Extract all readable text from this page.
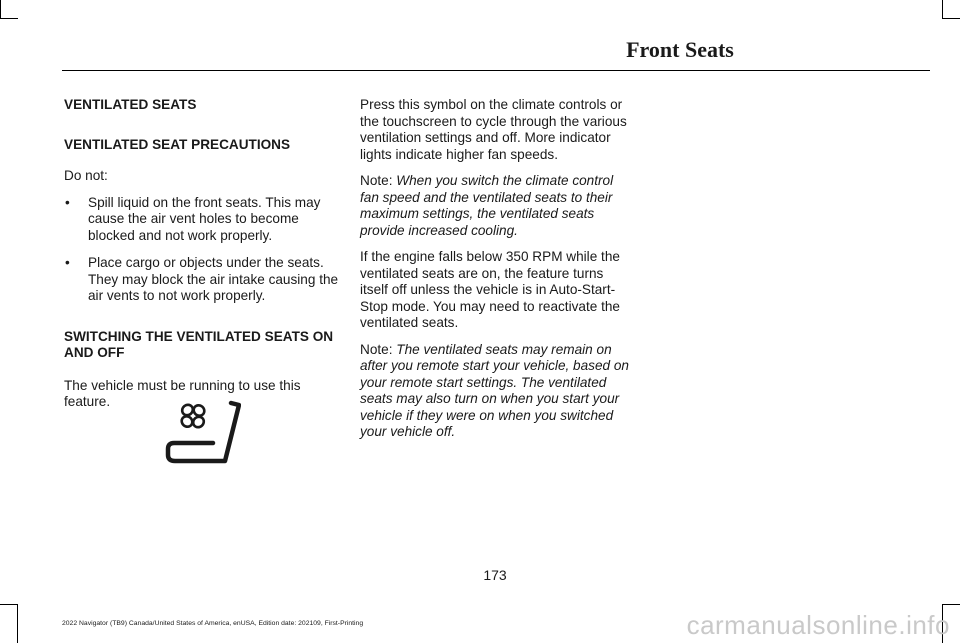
Front Seats
VENTILATED SEATS
VENTILATED SEAT PRECAUTIONS

Do not:

• Spill liquid on the front seats. This may cause the air vent holes to become blocked and not work properly.
• Place cargo or objects under the seats. They may block the air intake causing the air vents to not work properly.
SWITCHING THE VENTILATED SEATS ON AND OFF

The vehicle must be running to use this feature.

Press this symbol on the climate controls or the touchscreen to cycle through the various ventilation settings and off. More indicator lights indicate higher fan speeds.

Note: When you switch the climate control fan speed and the ventilated seats to their maximum settings, the ventilated seats provide increased cooling.

If the engine falls below 350 RPM while the ventilated seats are on, the feature turns itself off unless the vehicle is in Auto-Start-Stop mode. You may need to reactivate the ventilated seats.

Note: The ventilated seats may remain on after you remote start your vehicle, based on your remote start settings. The ventilated seats may also turn on when you start your vehicle if they were on when you switched your vehicle off.

173
2022 Navigator (TB9) Canada/United States of America, enUSA, Edition date: 202109, First-Printing	carmanualsonline.info
